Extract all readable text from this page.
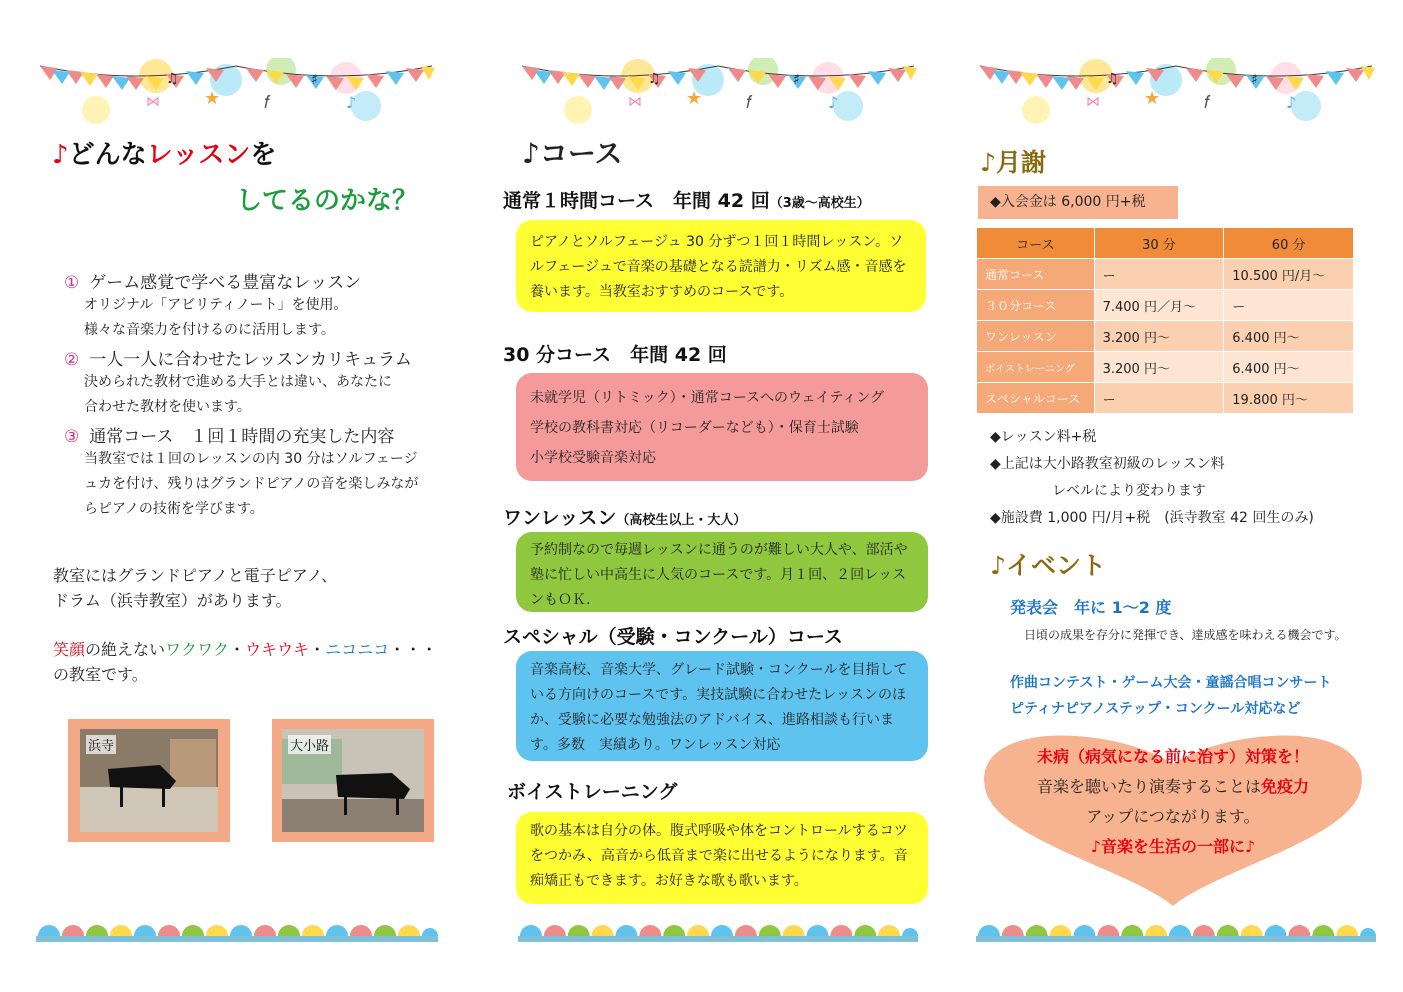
★ 𝑓
⋈	♪
♫	♯
★ 𝑓
⋈	♪
♫	♯
★ 𝑓
⋈	♪
♫	♯
♪どんなレッスンを
してるのかな？
① ゲーム感覚で学べる豊富なレッスン
オリジナル「アビリティノート」を使用。
様々な音楽力を付けるのに活用します。
② 一人一人に合わせたレッスンカリキュラム
決められた教材で進める大手とは違い、あなたに
合わせた教材を使います。
③ 通常コース　１回１時間の充実した内容
当教室では１回のレッスンの内 30 分はソルフェージ
ュカを付け、残りはグランドピアノの音を楽しみなが
らピアノの技術を学びます。
教室にはグランドピアノと電子ピアノ、
ドラム（浜寺教室）があります。
笑顔の絶えないワクワク・ウキウキ・ニコニコ・・・
の教室です。
浜寺	大小路
♪コース
通常１時間コース　年間 42 回（3歳～高校生）
ピアノとソルフェージュ 30 分ずつ１回１時間レッスン。ソルフェージュで音楽の基礎となる読譜力・リズム感・音感を養います。当教室おすすめのコースです。
30 分コース　年間 42 回
未就学児（リトミック）・通常コースへのウェイティング
学校の教科書対応（リコーダーなども）・保育士試験
小学校受験音楽対応
ワンレッスン（高校生以上・大人）
予約制なので毎週レッスンに通うのが難しい大人や、部活や塾に忙しい中高生に人気のコースです。月１回、２回レッスンもＯＫ.
スペシャル（受験・コンクール）コース
音楽高校、音楽大学、グレード試験・コンクールを目指している方向けのコースです。実技試験に合わせたレッスンのほか、受験に必要な勉強法のアドバイス、進路相談も行います。多数　実績あり。ワンレッスン対応
ボイストレーニング
歌の基本は自分の体。腹式呼吸や体をコントロールするコツをつかみ、高音から低音まで楽に出せるようになります。音痴矯正もできます。お好きな歌も歌います。
♪月謝
◆入会金は 6,000 円+税
コース	30 分	60 分
通常コース	ー	10.500 円/月～
３０分コース	7.400 円／月～	ー
ワンレッスン	3.200 円～	6.400 円～
ボイストレーニング	3.200 円～	6.400 円～
スペシャルコース	ー	19.800 円～
◆レッスン料+税
◆上記は大小路教室初級のレッスン料
レベルにより変わります
◆施設費 1,000 円/月+税　(浜寺教室 42 回生のみ)
♪イベント
発表会　年に 1～2 度
日頃の成果を存分に発揮でき、達成感を味わえる機会です。
作曲コンテスト・ゲーム大会・童謡合唱コンサート
ピティナピアノステップ・コンクール対応など
未病（病気になる前に治す）対策を！
音楽を聴いたり演奏することは免疫力
アップにつながります。
♪音楽を生活の一部に♪
